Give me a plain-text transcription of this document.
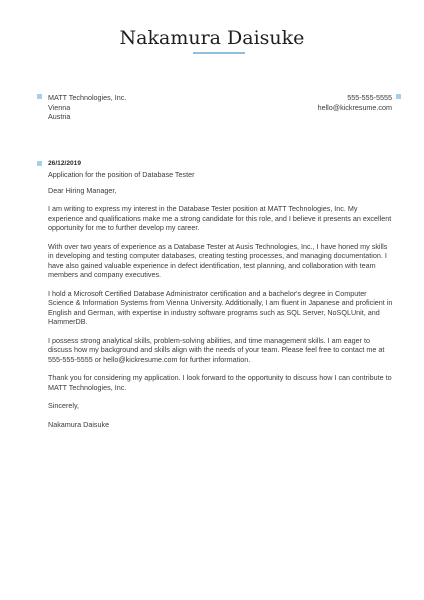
Nakamura Daisuke
MATT Technologies, Inc.
Vienna
Austria
555-555-5555
hello@kickresume.com
26/12/2019

Application for the position of Database Tester

Dear Hiring Manager,

I am writing to express my interest in the Database Tester position at MATT Technologies, Inc. My experience and qualifications make me a strong candidate for this role, and I believe it presents an excellent opportunity for me to further develop my career.

With over two years of experience as a Database Tester at Ausis Technologies, Inc., I have honed my skills in developing and testing computer databases, creating testing processes, and managing documentation. I have also gained valuable experience in defect identification, test planning, and collaboration with team members and company executives.

I hold a Microsoft Certified Database Administrator certification and a bachelor's degree in Computer Science & Information Systems from Vienna University. Additionally, I am fluent in Japanese and proficient in English and German, with expertise in industry software programs such as SQL Server, NoSQLUnit, and HammerDB.

I possess strong analytical skills, problem-solving abilities, and time management skills. I am eager to discuss how my background and skills align with the needs of your team. Please feel free to contact me at 555-555-5555 or hello@kickresume.com for further information.

Thank you for considering my application. I look forward to the opportunity to discuss how I can contribute to MATT Technologies, Inc.

Sincerely,

Nakamura Daisuke
